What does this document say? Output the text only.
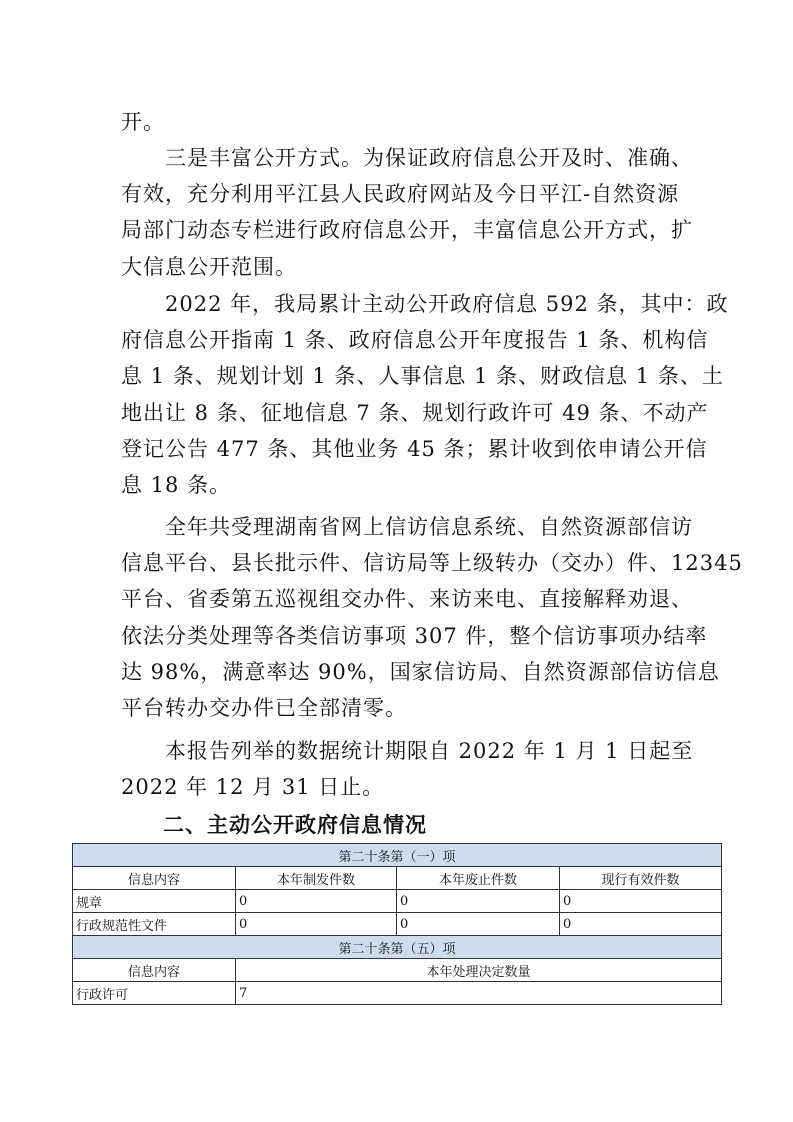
开。
三是丰富公开方式。为保证政府信息公开及时、准确、
有效，充分利用平江县人民政府网站及今日平江-自然资源
局部门动态专栏进行政府信息公开，丰富信息公开方式，扩
大信息公开范围。
2022 年，我局累计主动公开政府信息 592 条，其中：政
府信息公开指南 1 条、政府信息公开年度报告 1 条、机构信
息 1 条、规划计划 1 条、人事信息 1 条、财政信息 1 条、土
地出让 8 条、征地信息 7 条、规划行政许可 49 条、不动产
登记公告 477 条、其他业务 45 条；累计收到依申请公开信
息 18 条。
全年共受理湖南省网上信访信息系统、自然资源部信访
信息平台、县长批示件、信访局等上级转办（交办）件、12345
平台、省委第五巡视组交办件、来访来电、直接解释劝退、
依法分类处理等各类信访事项 307 件，整个信访事项办结率
达 98%，满意率达 90%，国家信访局、自然资源部信访信息
平台转办交办件已全部清零。
本报告列举的数据统计期限自 2022 年 1 月 1 日起至
2022 年 12 月 31 日止。
二、主动公开政府信息情况
第二十条第（一）项			
信息内容	本年制发件数	本年废止件数	现行有效件数
规章	0	0	0
行政规范性文件	0	0	0
第二十条第（五）项			
信息内容	本年处理决定数量		
行政许可	7		
